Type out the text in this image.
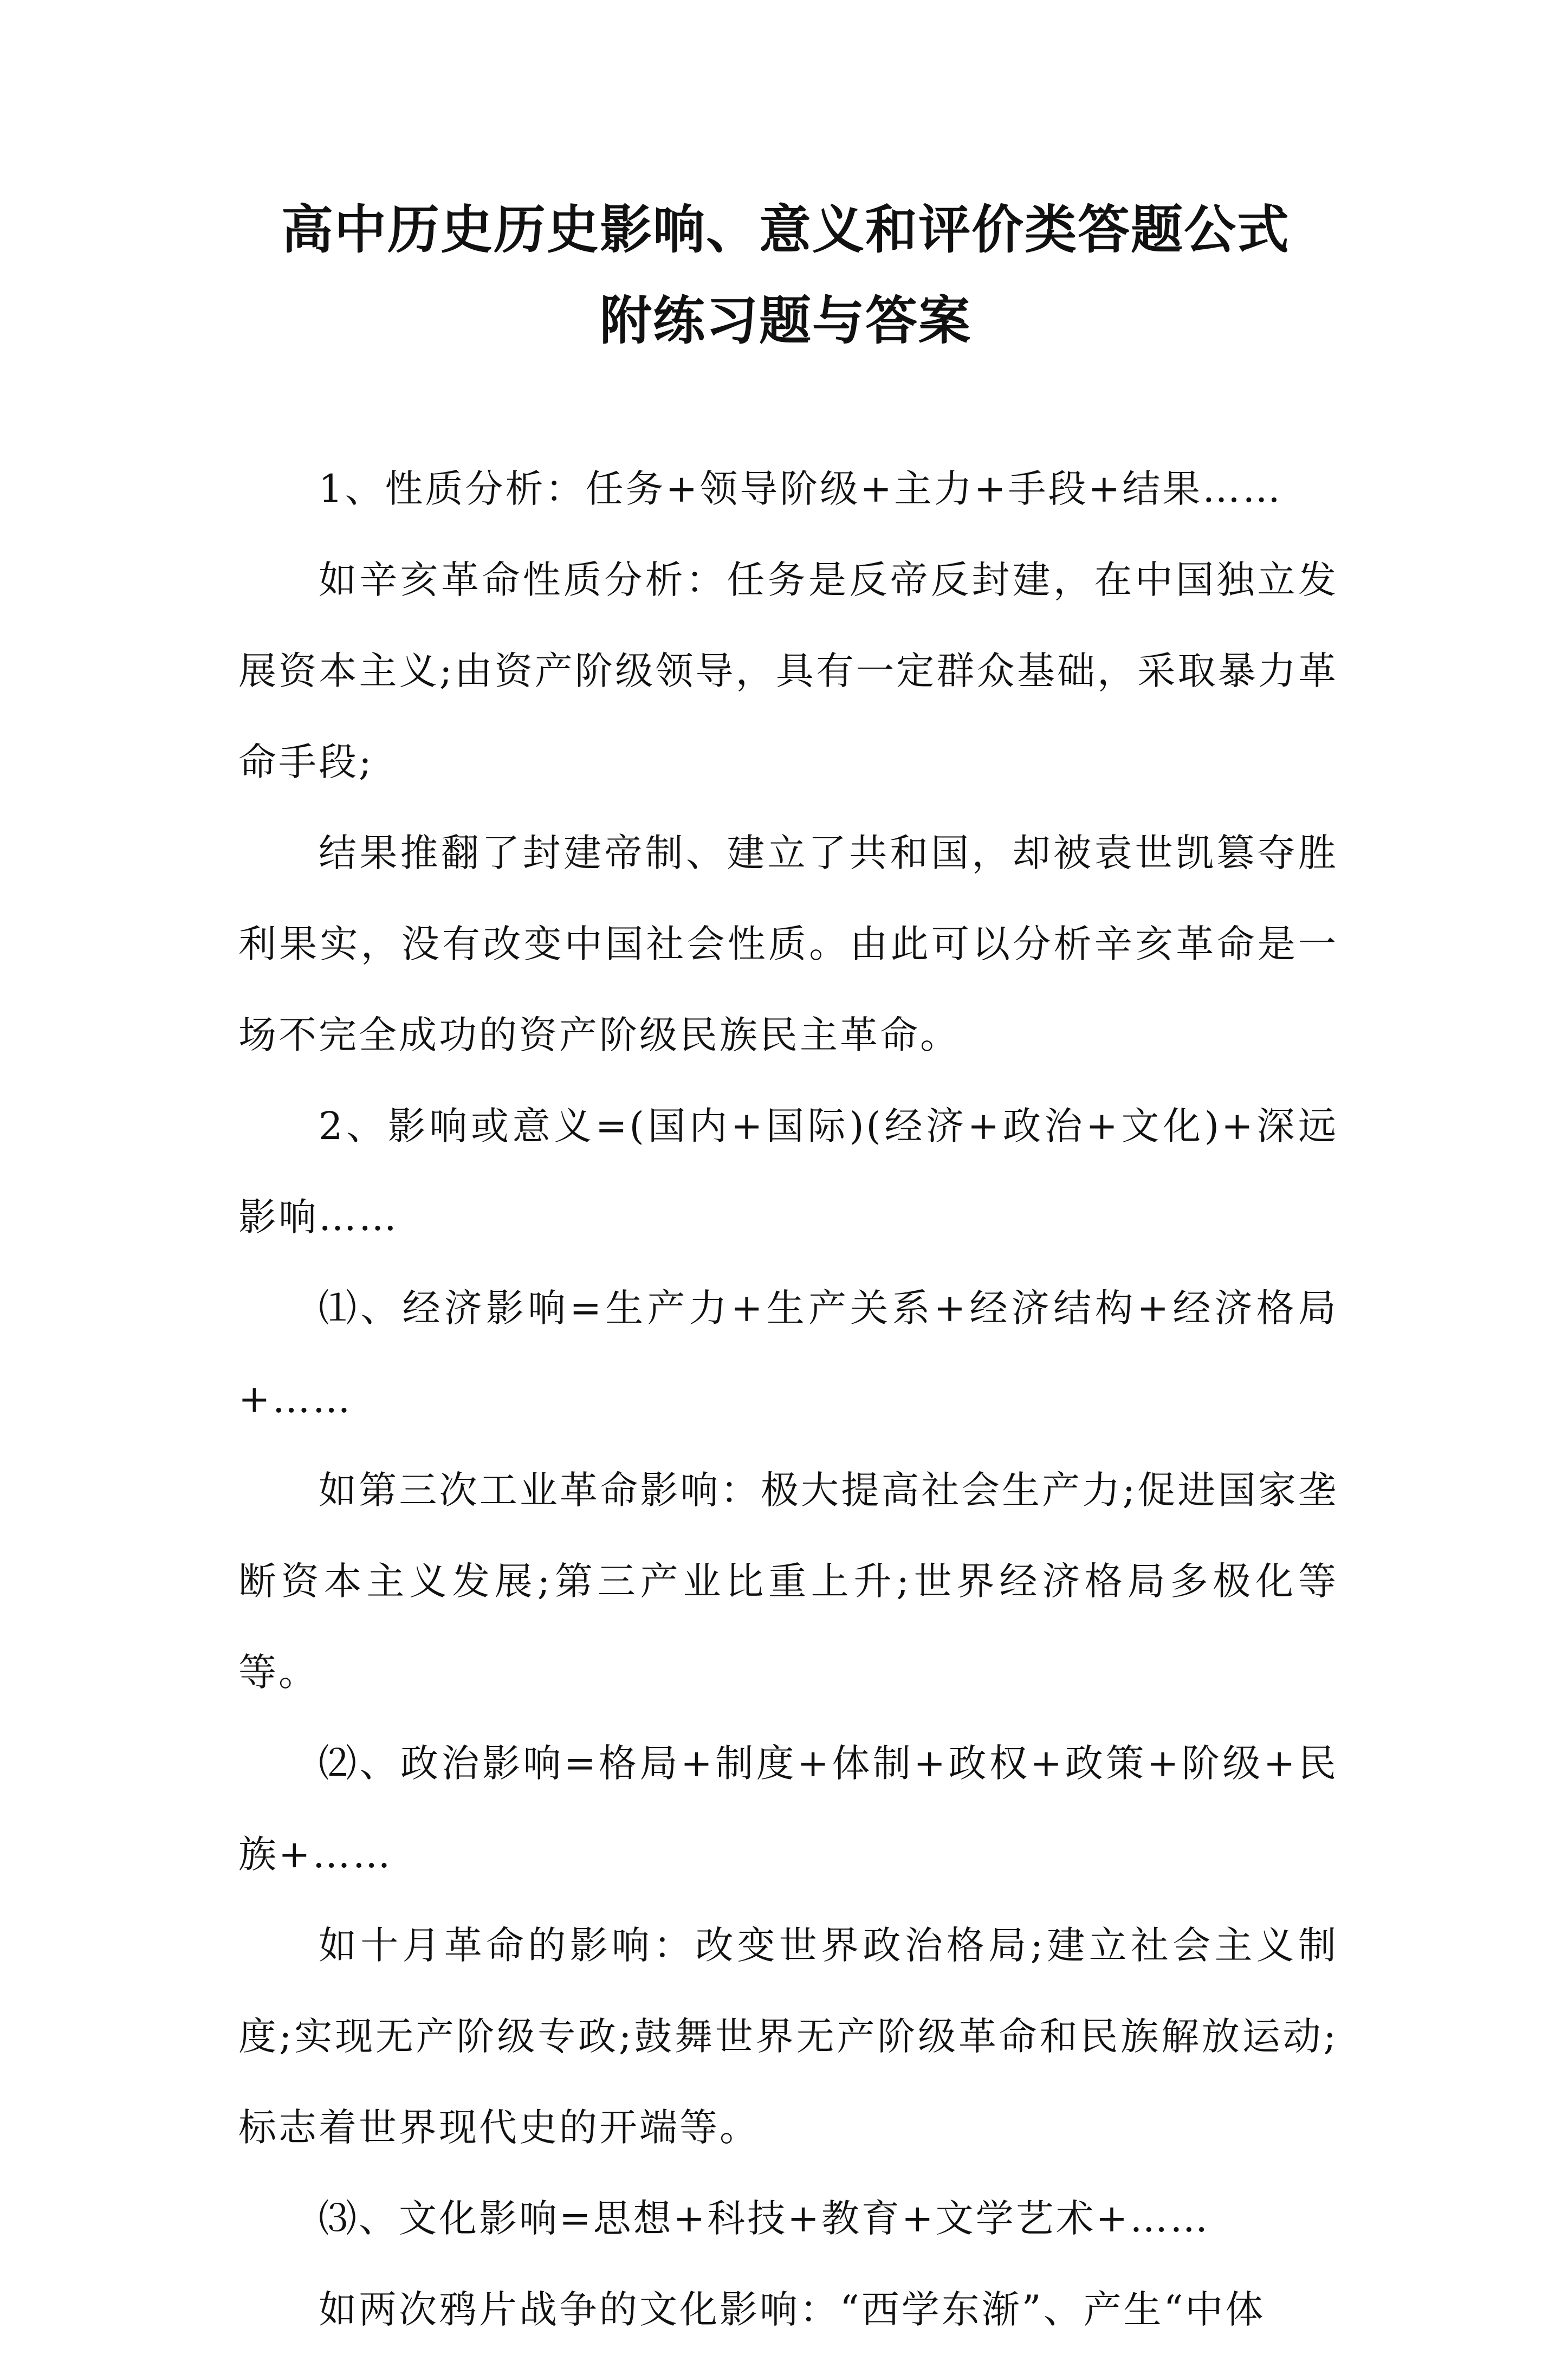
高中历史历史影响、意义和评价类答题公式
附练习题与答案

1、性质分析：任务+领导阶级+主力+手段+结果……

如辛亥革命性质分析：任务是反帝反封建，在中国独立发展资本主义;由资产阶级领导，具有一定群众基础，采取暴力革命手段;

结果推翻了封建帝制、建立了共和国，却被袁世凯篡夺胜利果实，没有改变中国社会性质。由此可以分析辛亥革命是一场不完全成功的资产阶级民族民主革命。

2、影响或意义=(国内+国际)(经济+政治+文化)+深远影响……

⑴、经济影响=生产力+生产关系+经济结构+经济格局+……

如第三次工业革命影响：极大提高社会生产力;促进国家垄断资本主义发展;第三产业比重上升;世界经济格局多极化等等。

⑵、政治影响=格局+制度+体制+政权+政策+阶级+民族+……

如十月革命的影响：改变世界政治格局;建立社会主义制度;实现无产阶级专政;鼓舞世界无产阶级革命和民族解放运动;标志着世界现代史的开端等。

⑶、文化影响=思想+科技+教育+文学艺术+……

如两次鸦片战争的文化影响：“西学东渐”、产生“中体
